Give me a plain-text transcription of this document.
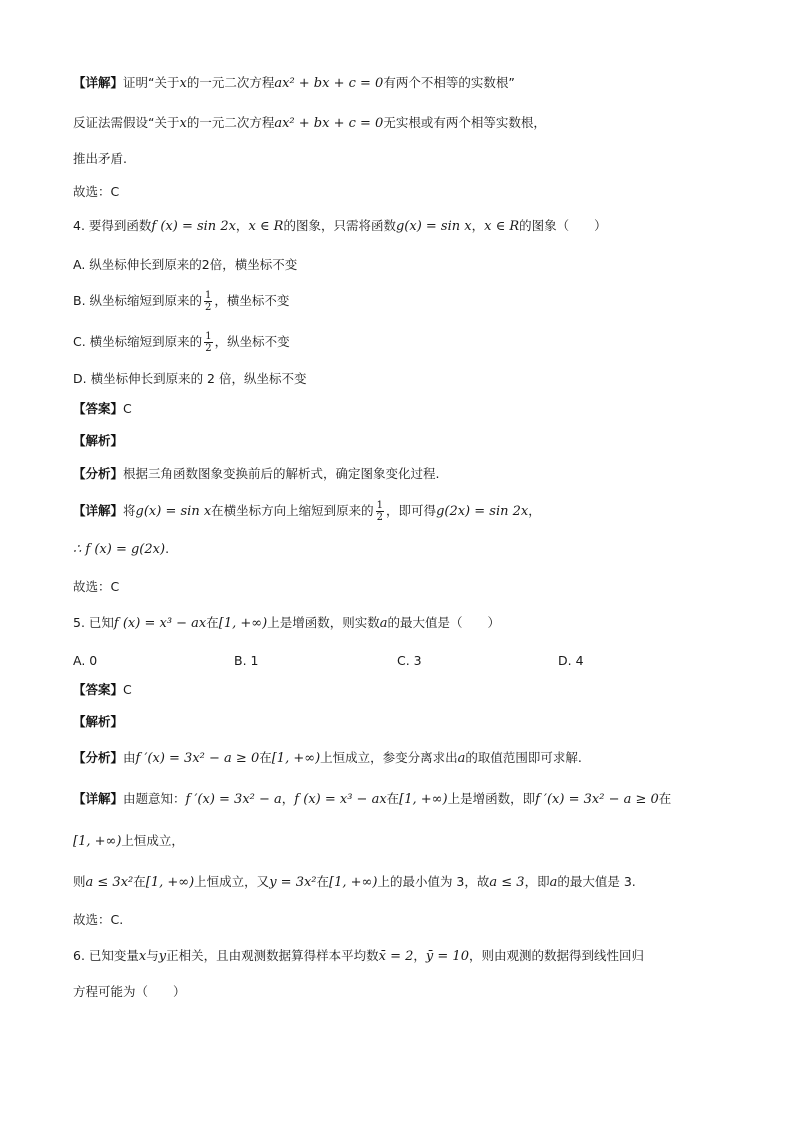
【详解】证明“关于x的一元二次方程ax² + bx + c = 0有两个不相等的实数根”
反证法需假设“关于x的一元二次方程ax² + bx + c = 0无实根或有两个相等实数根，
推出矛盾.
故选：C
4. 要得到函数f (x) = sin 2x，x ∈ R的图象，只需将函数g(x) = sin x，x ∈ R的图象（　　）
A. 纵坐标伸长到原来的2倍，横坐标不变
B. 纵坐标缩短到原来的 $\frac{1}{2}$ ，横坐标不变
C. 横坐标缩短到原来的 $\frac{1}{2}$ ，纵坐标不变
D. 横坐标伸长到原来的 2 倍，纵坐标不变
【答案】C
【解析】
【分析】根据三角函数图象变换前后的解析式，确定图象变化过程.
【详解】将g(x) = sin x在横坐标方向上缩短到原来的 $\frac{1}{2}$ ，即可得g(2x) = sin 2x，
∴ f (x) = g(2x).
故选：C
5. 已知f (x) = x³ − ax在[1, +∞)上是增函数，则实数a的最大值是（　　）
A. 0	B. 1	C. 3	D. 4
【答案】C
【解析】
【分析】由f ′(x) = 3x² − a ≥ 0在[1, +∞)上恒成立，参变分离求出a的取值范围即可求解.
【详解】由题意知：f ′(x) = 3x² − a，f (x) = x³ − ax在[1, +∞)上是增函数，即f ′(x) = 3x² − a ≥ 0在
[1, +∞)上恒成立，
则a ≤ 3x²在[1, +∞)上恒成立，又y = 3x²在[1, +∞)上的最小值为 3，故a ≤ 3，即a的最大值是 3.
故选：C.
6. 已知变量x与y正相关，且由观测数据算得样本平均数x̄ = 2，ȳ = 10，则由观测的数据得到线性回归
方程可能为（　　）
